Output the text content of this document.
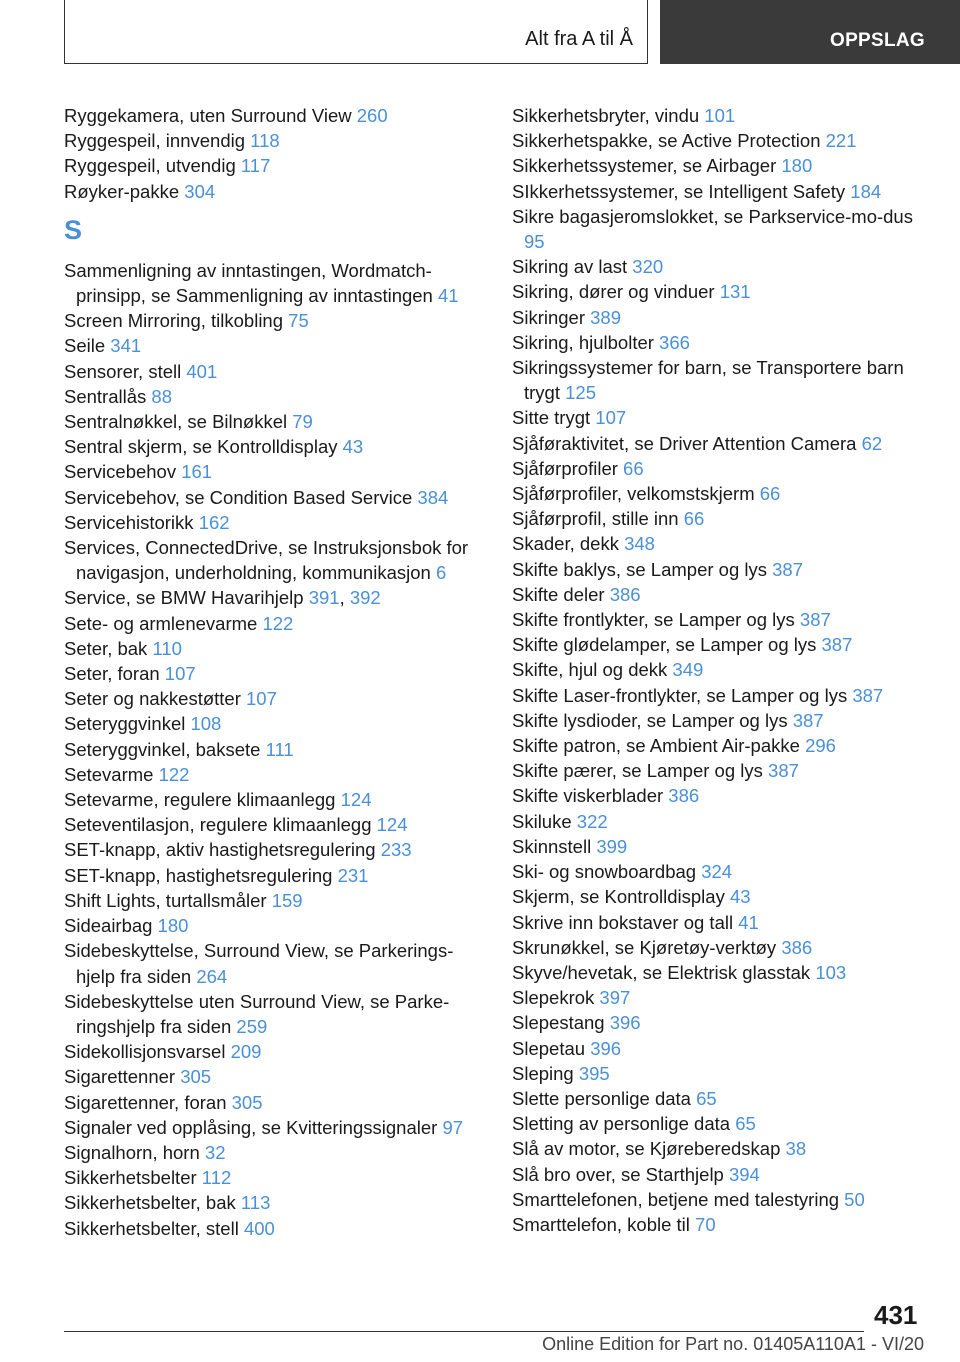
Alt fra A til Å	OPPSLAG
Ryggekamera, uten Surround View 260
Ryggespeil, innvendig 118
Ryggespeil, utvendig 117
Røyker-pakke 304
S
Sammenligning av inntastingen, Wordmatch-prinsipp, se Sammenligning av inntastingen 41
Screen Mirroring, tilkobling 75
Seile 341
Sensorer, stell 401
Sentrallås 88
Sentralnøkkel, se Bilnøkkel 79
Sentral skjerm, se Kontrolldisplay 43
Servicebehov 161
Servicebehov, se Condition Based Service 384
Servicehistorikk 162
Services, ConnectedDrive, se Instruksjonsbok for navigasjon, underholdning, kommunikasjon 6
Service, se BMW Havarihjelp 391, 392
Sete- og armlenevarme 122
Seter, bak 110
Seter, foran 107
Seter og nakkestøtter 107
Seteryggvinkel 108
Seteryggvinkel, baksete 111
Setevarme 122
Setevarme, regulere klimaanlegg 124
Seteventilasjon, regulere klimaanlegg 124
SET-knapp, aktiv hastighetsregulering 233
SET-knapp, hastighetsregulering 231
Shift Lights, turtallsmåler 159
Sideairbag 180
Sidebeskyttelse, Surround View, se Parkerings-hjelp fra siden 264
Sidebeskyttelse uten Surround View, se Parke-ringshjelp fra siden 259
Sidekollisjonsvarsel 209
Sigarettenner 305
Sigarettenner, foran 305
Signaler ved opplåsing, se Kvitteringssignaler 97
Signalhorn, horn 32
Sikkerhetsbelter 112
Sikkerhetsbelter, bak 113
Sikkerhetsbelter, stell 400
Sikkerhetsbryter, vindu 101
Sikkerhetspakke, se Active Protection 221
Sikkerhetssystemer, se Airbager 180
SIkkerhetssystemer, se Intelligent Safety 184
Sikre bagasjeromslokket, se Parkservice-mo-dus 95
Sikring av last 320
Sikring, dører og vinduer 131
Sikringer 389
Sikring, hjulbolter 366
Sikringssystemer for barn, se Transportere barn trygt 125
Sitte trygt 107
Sjåføraktivitet, se Driver Attention Camera 62
Sjåførprofiler 66
Sjåførprofiler, velkomstskjerm 66
Sjåførprofil, stille inn 66
Skader, dekk 348
Skifte baklys, se Lamper og lys 387
Skifte deler 386
Skifte frontlykter, se Lamper og lys 387
Skifte glødelamper, se Lamper og lys 387
Skifte, hjul og dekk 349
Skifte Laser-frontlykter, se Lamper og lys 387
Skifte lysdioder, se Lamper og lys 387
Skifte patron, se Ambient Air-pakke 296
Skifte pærer, se Lamper og lys 387
Skifte viskerblader 386
Skiluke 322
Skinnstell 399
Ski- og snowboardbag 324
Skjerm, se Kontrolldisplay 43
Skrive inn bokstaver og tall 41
Skrunøkkel, se Kjøretøy-verktøy 386
Skyve/hevetak, se Elektrisk glasstak 103
Slepekrok 397
Slepestang 396
Slepetau 396
Sleping 395
Slette personlige data 65
Sletting av personlige data 65
Slå av motor, se Kjøreberedskap 38
Slå bro over, se Starthjelp 394
Smarttelefonen, betjene med talestyring 50
Smarttelefon, koble til 70
431
Online Edition for Part no. 01405A110A1 - VI/20
